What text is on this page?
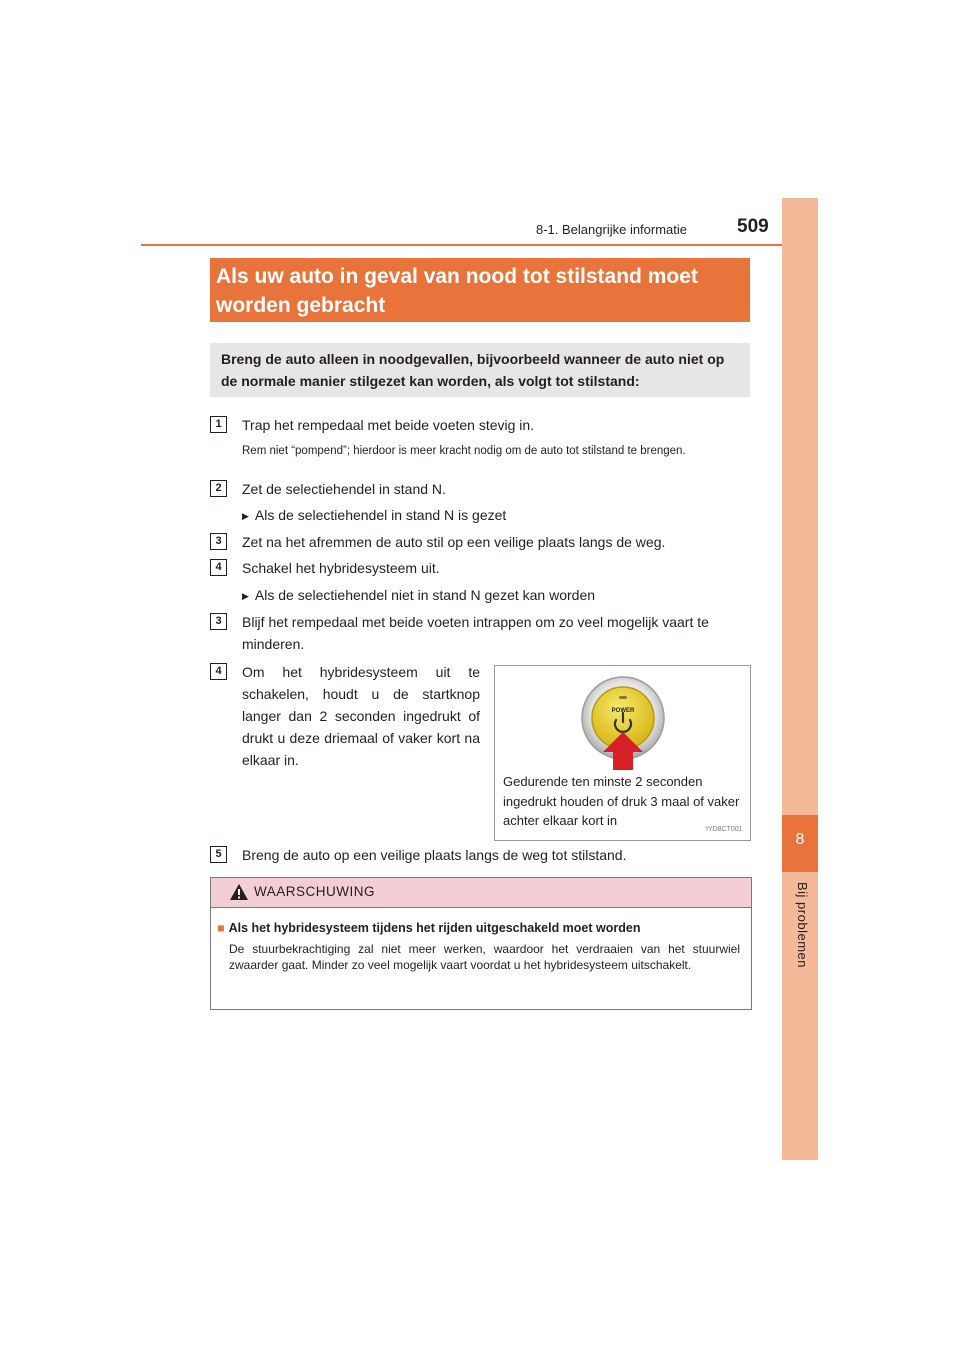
8-1. Belangrijke informatie	509
8
Bij problemen
Als uw auto in geval van nood tot stilstand moet worden gebracht
Breng de auto alleen in noodgevallen, bijvoorbeeld wanneer de auto niet op de normale manier stilgezet kan worden, als volgt tot stilstand:
1	Trap het rempedaal met beide voeten stevig in.
Rem niet “pompend”; hierdoor is meer kracht nodig om de auto tot stilstand te brengen.
2	Zet de selectiehendel in stand N.
▶ Als de selectiehendel in stand N is gezet
3	Zet na het afremmen de auto stil op een veilige plaats langs de weg.
4	Schakel het hybridesysteem uit.
▶ Als de selectiehendel niet in stand N gezet kan worden
3	Blijf het rempedaal met beide voeten intrappen om zo veel mogelijk vaart te minderen.
4	Om het hybridesysteem uit te schakelen, houdt u de startknop langer dan 2 seconden ingedrukt of drukt u deze driemaal of vaker kort na elkaar in.
POWER
Gedurende ten minste 2 seconden ingedrukt houden of druk 3 maal of vaker achter elkaar kort in
IYD8CT001
5	Breng de auto op een veilige plaats langs de weg tot stilstand.
WAARSCHUWING
■ Als het hybridesysteem tijdens het rijden uitgeschakeld moet worden
De stuurbekrachtiging zal niet meer werken, waardoor het verdraaien van het stuurwiel zwaarder gaat. Minder zo veel mogelijk vaart voordat u het hybridesysteem uitschakelt.
